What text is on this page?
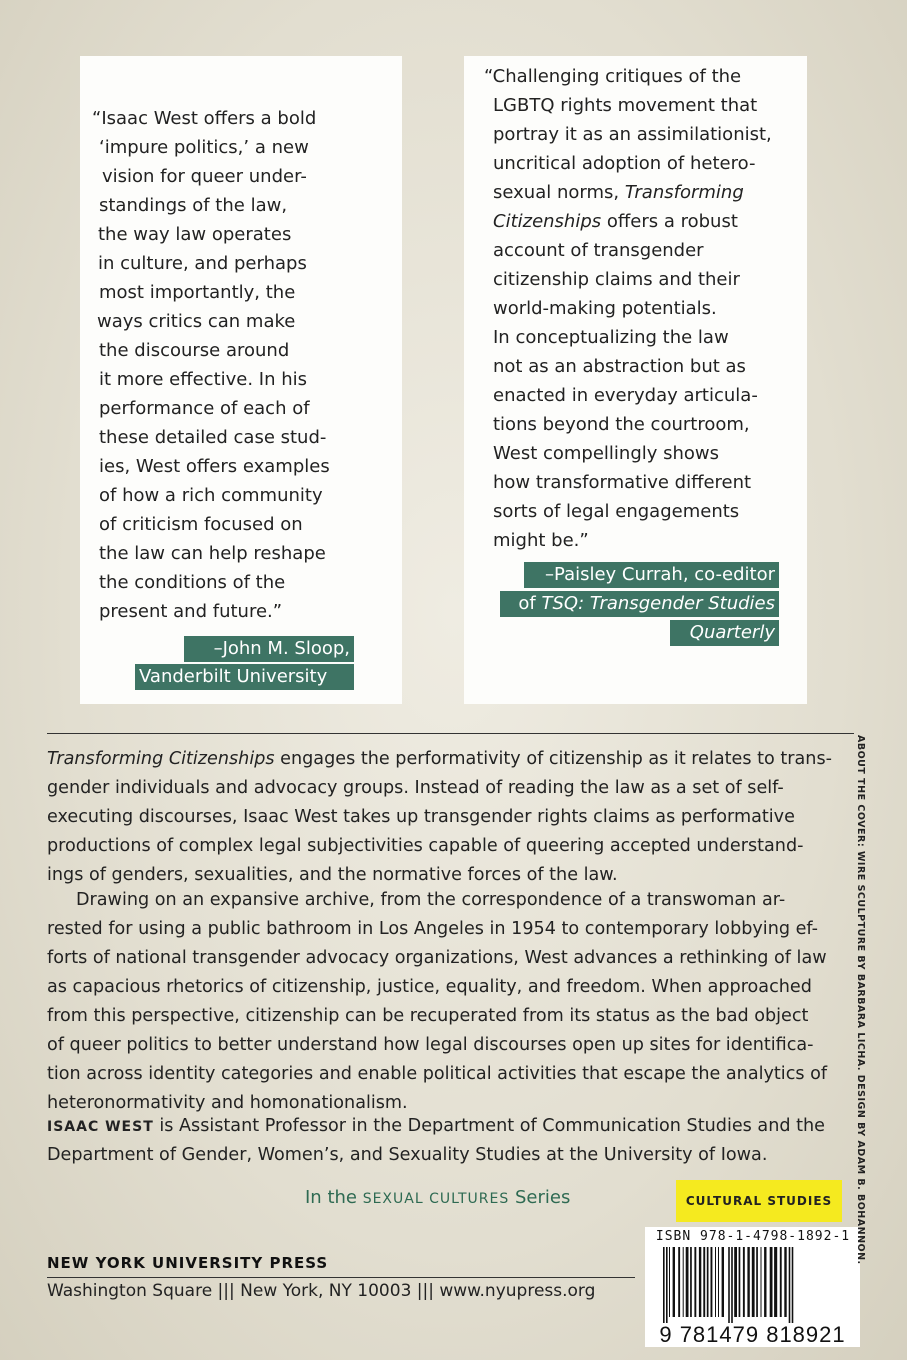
“Isaac West offers a bold
‘impure politics,’ a new
vision for queer under-
standings of the law,
the way law operates
in culture, and perhaps
most importantly, the
ways critics can make
the discourse around
it more effective. In his
performance of each of
these detailed case stud-
ies, West offers examples
of how a rich community
of criticism focused on
the law can help reshape
the conditions of the
present and future.”
–John M. Sloop,
Vanderbilt University
“Challenging critiques of the
LGBTQ rights movement that
portray it as an assimilationist,
uncritical adoption of hetero-
sexual norms, Transforming
Citizenships offers a robust
account of transgender
citizenship claims and their
world-making potentials.
In conceptualizing the law
not as an abstraction but as
enacted in everyday articula-
tions beyond the courtroom,
West compellingly shows
how transformative different
sorts of legal engagements
might be.”
–Paisley Currah, co-editor
of TSQ: Transgender Studies
Quarterly
Transforming Citizenships engages the performativity of citizenship as it relates to trans-
gender individuals and advocacy groups. Instead of reading the law as a set of self-
executing discourses, Isaac West takes up transgender rights claims as performative
productions of complex legal subjectivities capable of queering accepted understand-
ings of genders, sexualities, and the normative forces of the law.
Drawing on an expansive archive, from the correspondence of a transwoman ar-
rested for using a public bathroom in Los Angeles in 1954 to contemporary lobbying ef-
forts of national transgender advocacy organizations, West advances a rethinking of law
as capacious rhetorics of citizenship, justice, equality, and freedom. When approached
from this perspective, citizenship can be recuperated from its status as the bad object
of queer politics to better understand how legal discourses open up sites for identifica-
tion across identity categories and enable political activities that escape the analytics of
heteronormativity and homonationalism.
ISAAC WEST is Assistant Professor in the Department of Communication Studies and the
Department of Gender, Women’s, and Sexuality Studies at the University of Iowa.
In the SEXUAL CULTURES Series	CULTURAL STUDIES
NEW YORK UNIVERSITY PRESS
Washington Square ||| New York, NY 10003 ||| www.nyupress.org
ISBN 978-1-4798-1892-1
9 781479 818921
ABOUT THE COVER: WIRE SCULPTURE BY BARBARA LICHA. DESIGN BY ADAM B. BOHANNON.
